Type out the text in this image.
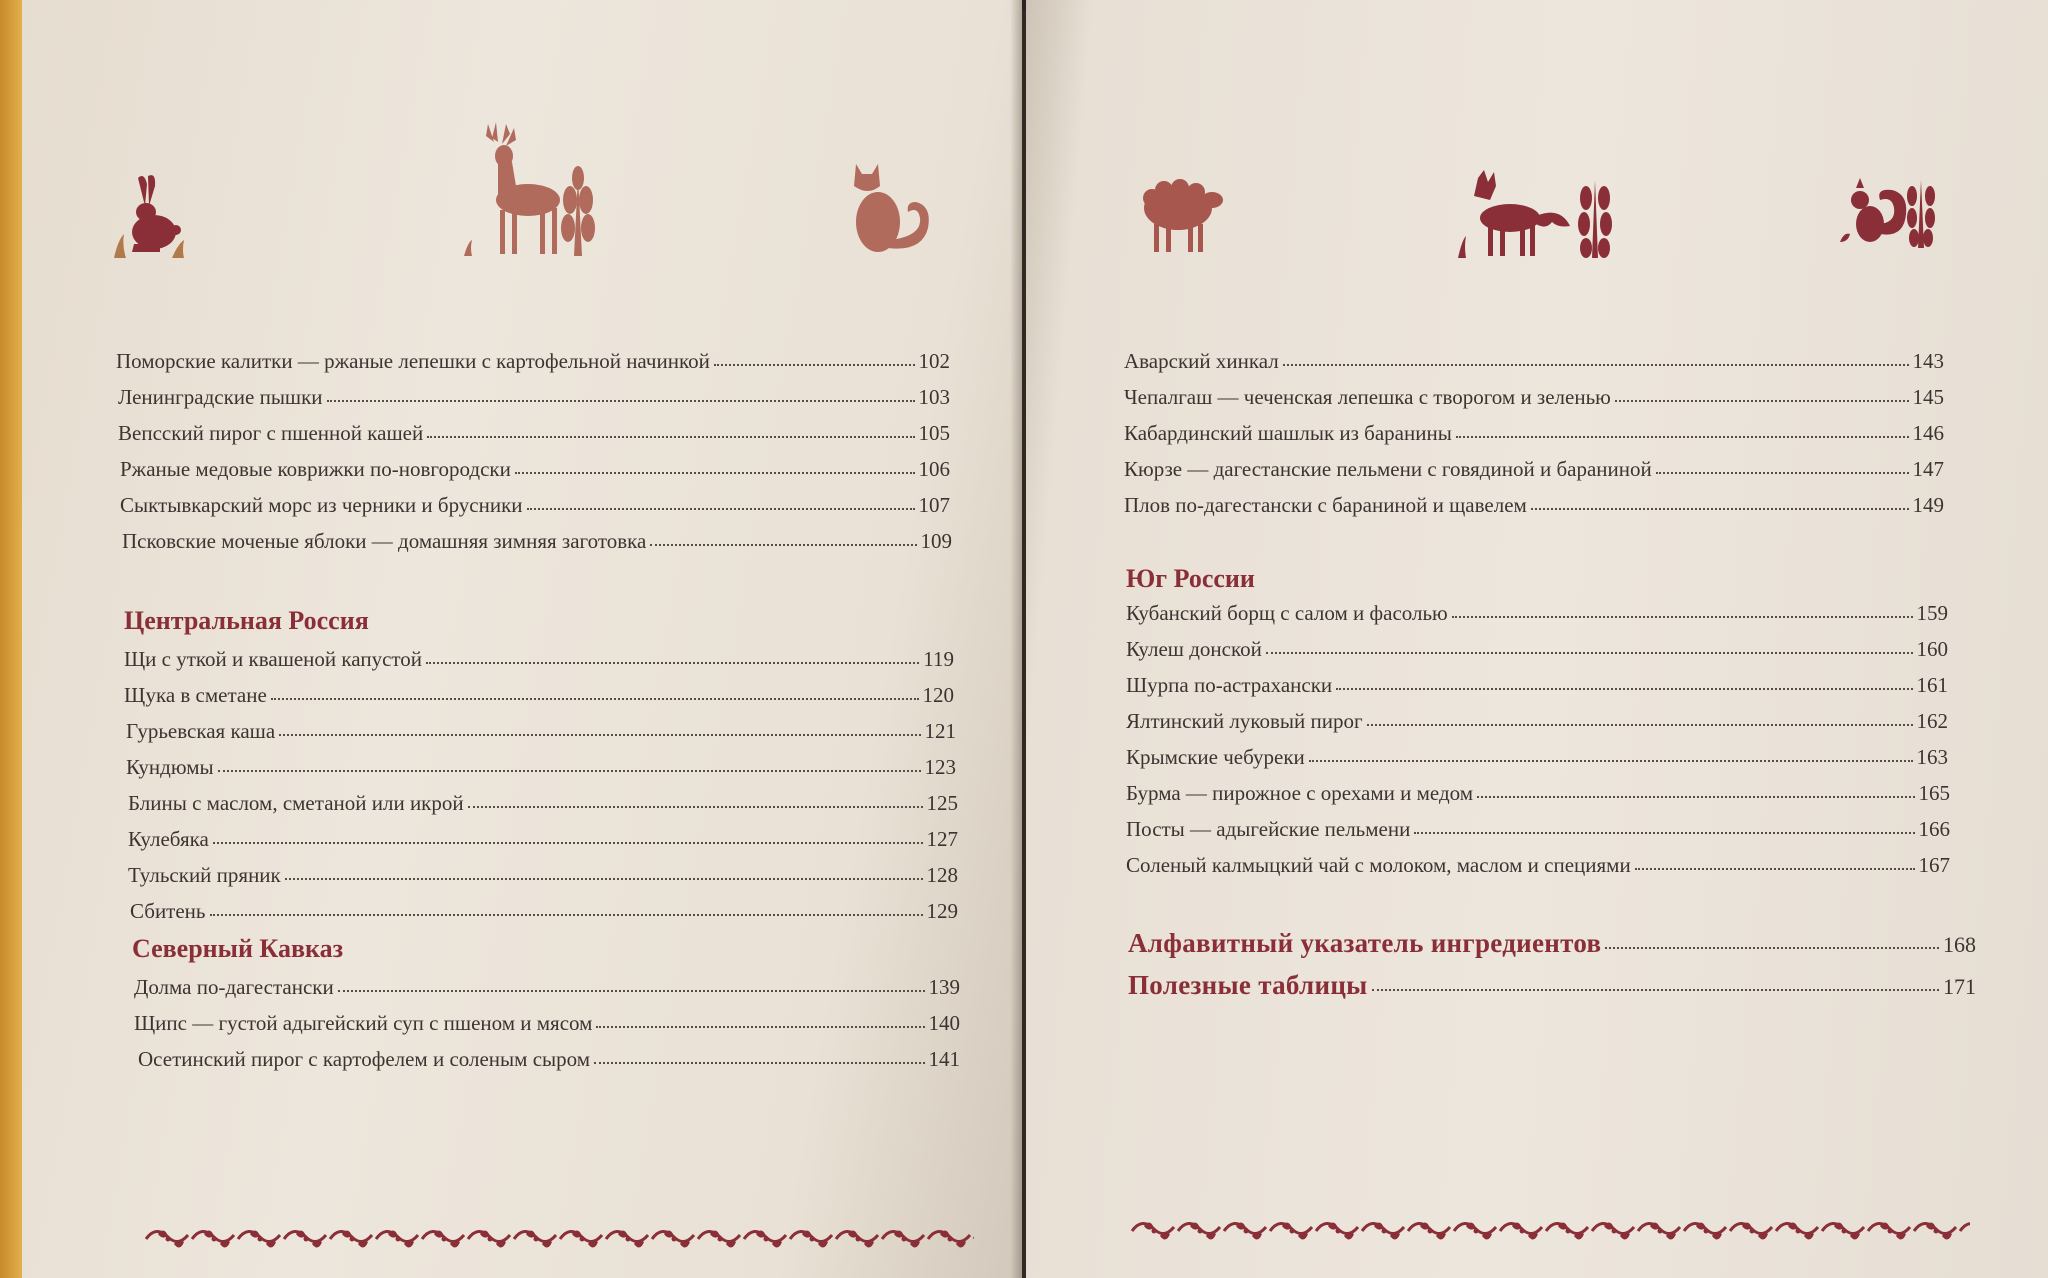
Поморские калитки — ржаные лепешки с картофельной начинкой	102
Ленинградские пышки	103
Вепсский пирог с пшенной кашей	105
Ржаные медовые коврижки по-новгородски	106
Сыктывкарский морс из черники и брусники	107
Псковские моченые яблоки — домашняя зимняя заготовка	109
Центральная Россия
Щи с уткой и квашеной капустой	119
Щука в сметане	120
Гурьевская каша	121
Кундюмы	123
Блины с маслом, сметаной или икрой	125
Кулебяка	127
Тульский пряник	128
Сбитень	129
Северный Кавказ
Долма по-дагестански	139
Щипс — густой адыгейский суп с пшеном и мясом	140
Осетинский пирог с картофелем и соленым сыром	141
Аварский хинкал	143
Чепалгаш — чеченская лепешка с творогом и зеленью	145
Кабардинский шашлык из баранины	146
Кюрзе — дагестанские пельмени с говядиной и бараниной	147
Плов по-дагестански с бараниной и щавелем	149
Юг России
Кубанский борщ с салом и фасолью	159
Кулеш донской	160
Шурпа по-астрахански	161
Ялтинский луковый пирог	162
Крымские чебуреки	163
Бурма — пирожное с орехами и медом	165
Посты — адыгейские пельмени	166
Соленый калмыцкий чай с молоком, маслом и специями	167
Алфавитный указатель ингредиентов	168
Полезные таблицы	171
